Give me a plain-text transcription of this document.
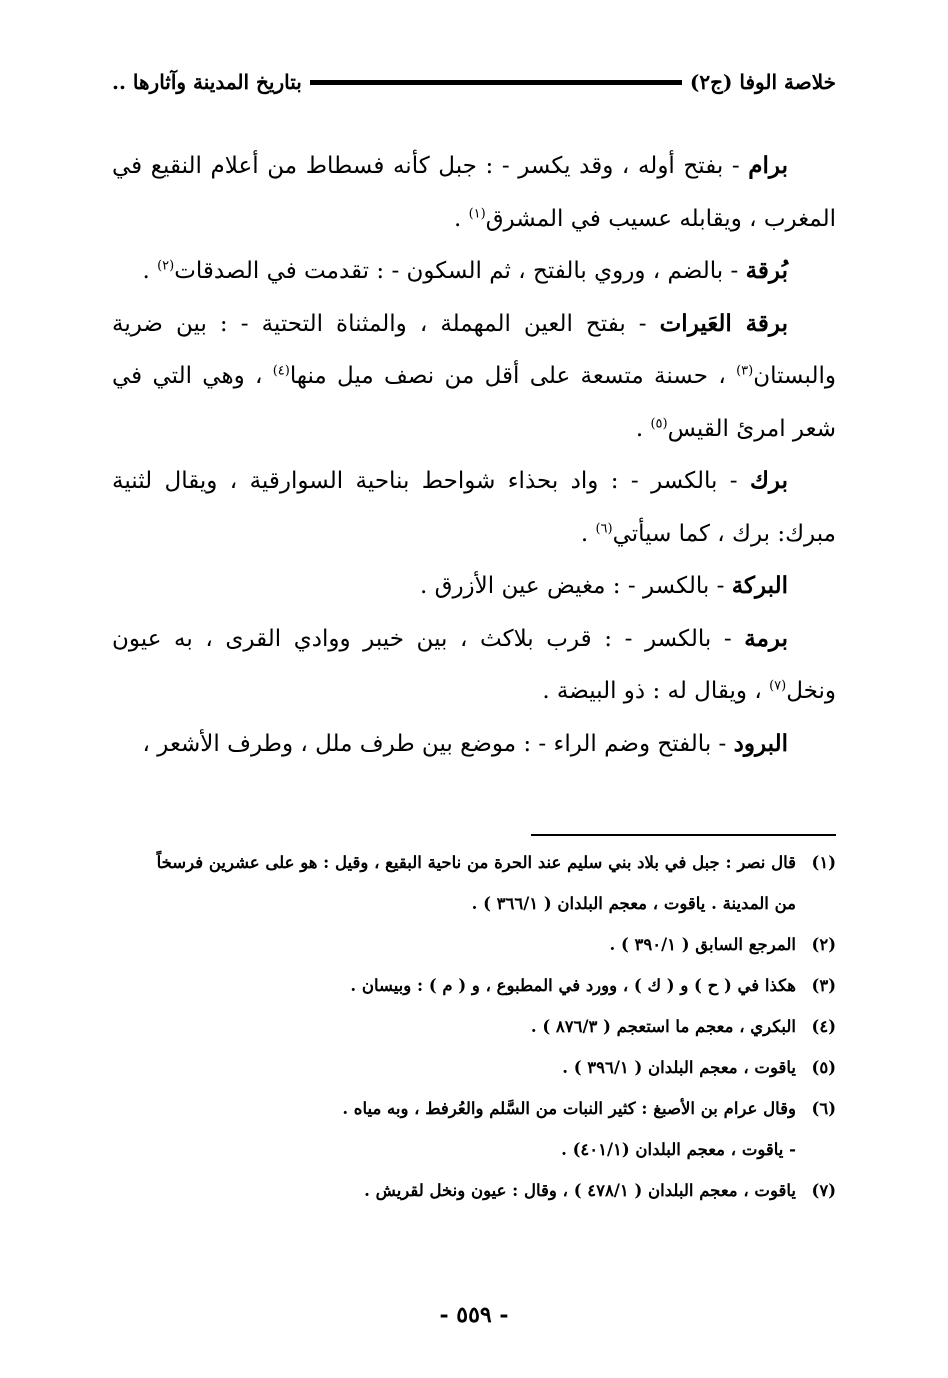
خلاصة الوفا (ج٢)
بتاريخ المدينة وآثارها ..

برام - بفتح أوله ، وقد يكسر - : جبل كأنه فسطاط من أعلام النقيع في المغرب ، ويقابله عسيب في المشرق$^{(١)}$ .

بُرقة - بالضم ، وروي بالفتح ، ثم السكون - : تقدمت في الصدقات$^{(٢)}$ .

برقة العَيرات - بفتح العين المهملة ، والمثناة التحتية - : بين ضرية والبستان$^{(٣)}$ ، حسنة متسعة على أقل من نصف ميل منها$^{(٤)}$ ، وهي التي في شعر امرئ القيس$^{(٥)}$ .

برك - بالكسر - : واد بحذاء شواحط بناحية السوارقية ، ويقال لثنية مبرك: برك ، كما سيأتي$^{(٦)}$ .

البركة - بالكسر - : مغيض عين الأزرق .

برمة - بالكسر - : قرب بلاكث ، بين خيبر ووادي القرى ، به عيون ونخل$^{(٧)}$ ، ويقال له : ذو البيضة .

البرود - بالفتح وضم الراء - : موضع بين طرف ملل ، وطرف الأشعر ،

(١)
قال نصر : جبل في بلاد بني سليم عند الحرة من ناحية البقيع ، وقيل : هو على عشرين فرسخاً
من المدينة . ياقوت ، معجم البلدان ( ٣٦٦/١ ) .
(٢)
المرجع السابق ( ٣٩٠/١ ) .
(٣)
هكذا في ( ح ) و ( ك ) ، وورد في المطبوع ، و ( م ) : وبيسان .
(٤)
البكري ، معجم ما استعجم ( ٨٧٦/٣ ) .
(٥)
ياقوت ، معجم البلدان ( ٣٩٦/١ ) .
(٦)
وقال عرام بن الأصبغ : كثير النبات من السَّلم والعُرفط ، وبه مياه .
- ياقوت ، معجم البلدان (٤٠١/١) .
(٧)
ياقوت ، معجم البلدان ( ٤٧٨/١ ) ، وقال : عيون ونخل لقريش .
- ٥٥٩ -
